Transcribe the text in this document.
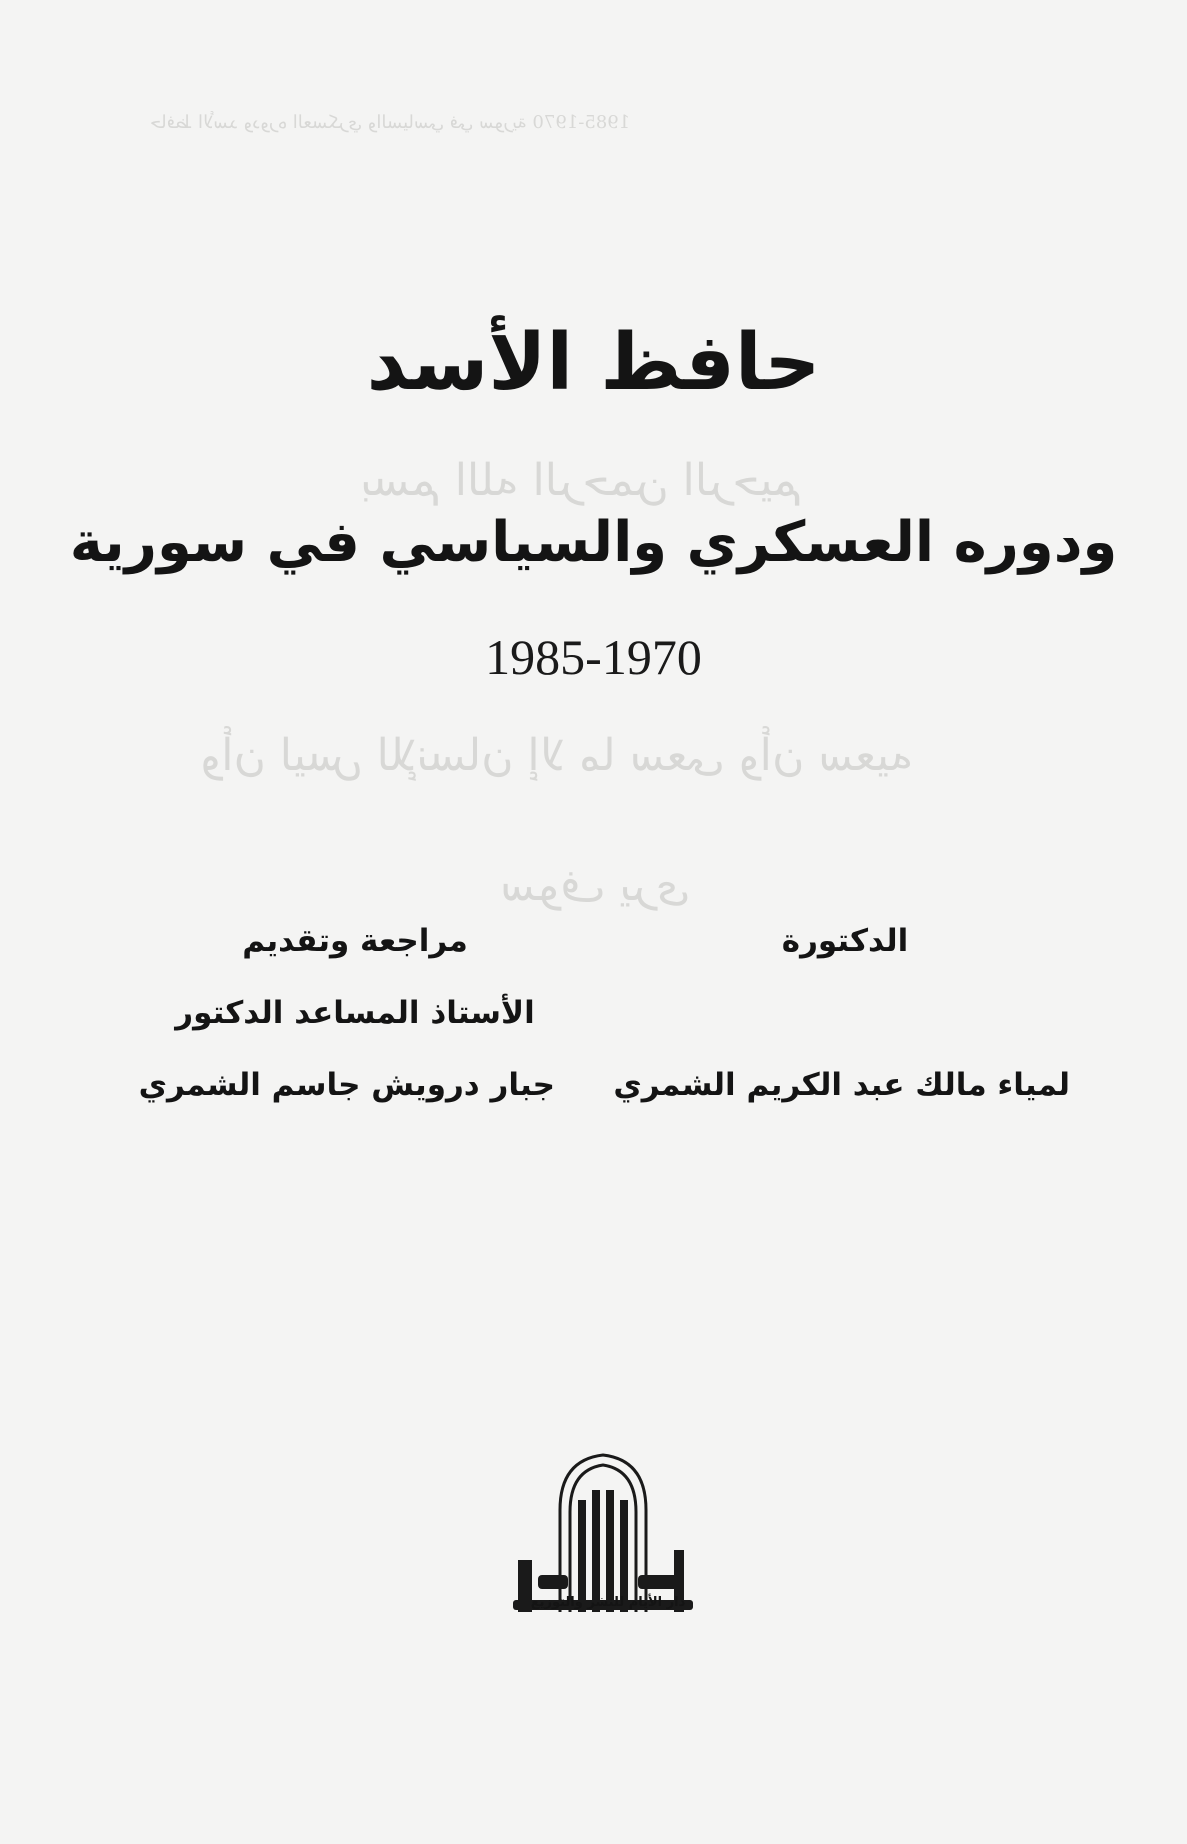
حافظ الأسد ودوره العسكري والسياسي في سورية 1970-1985
بسم الله الرحمن الرحيم
وأن ليس للإنسان إلا ما سعى وأن سعيه
سوف يرى
حافظ الأسد
ودوره العسكري والسياسي في سورية
1985-1970
الدكتورة
لمياء مالك عبد الكريم الشمري
مراجعة وتقديم
الأستاذ المساعد الدكتور
جبار درويش جاسم الشمري
دار الأيام للنشر والتوزيع
